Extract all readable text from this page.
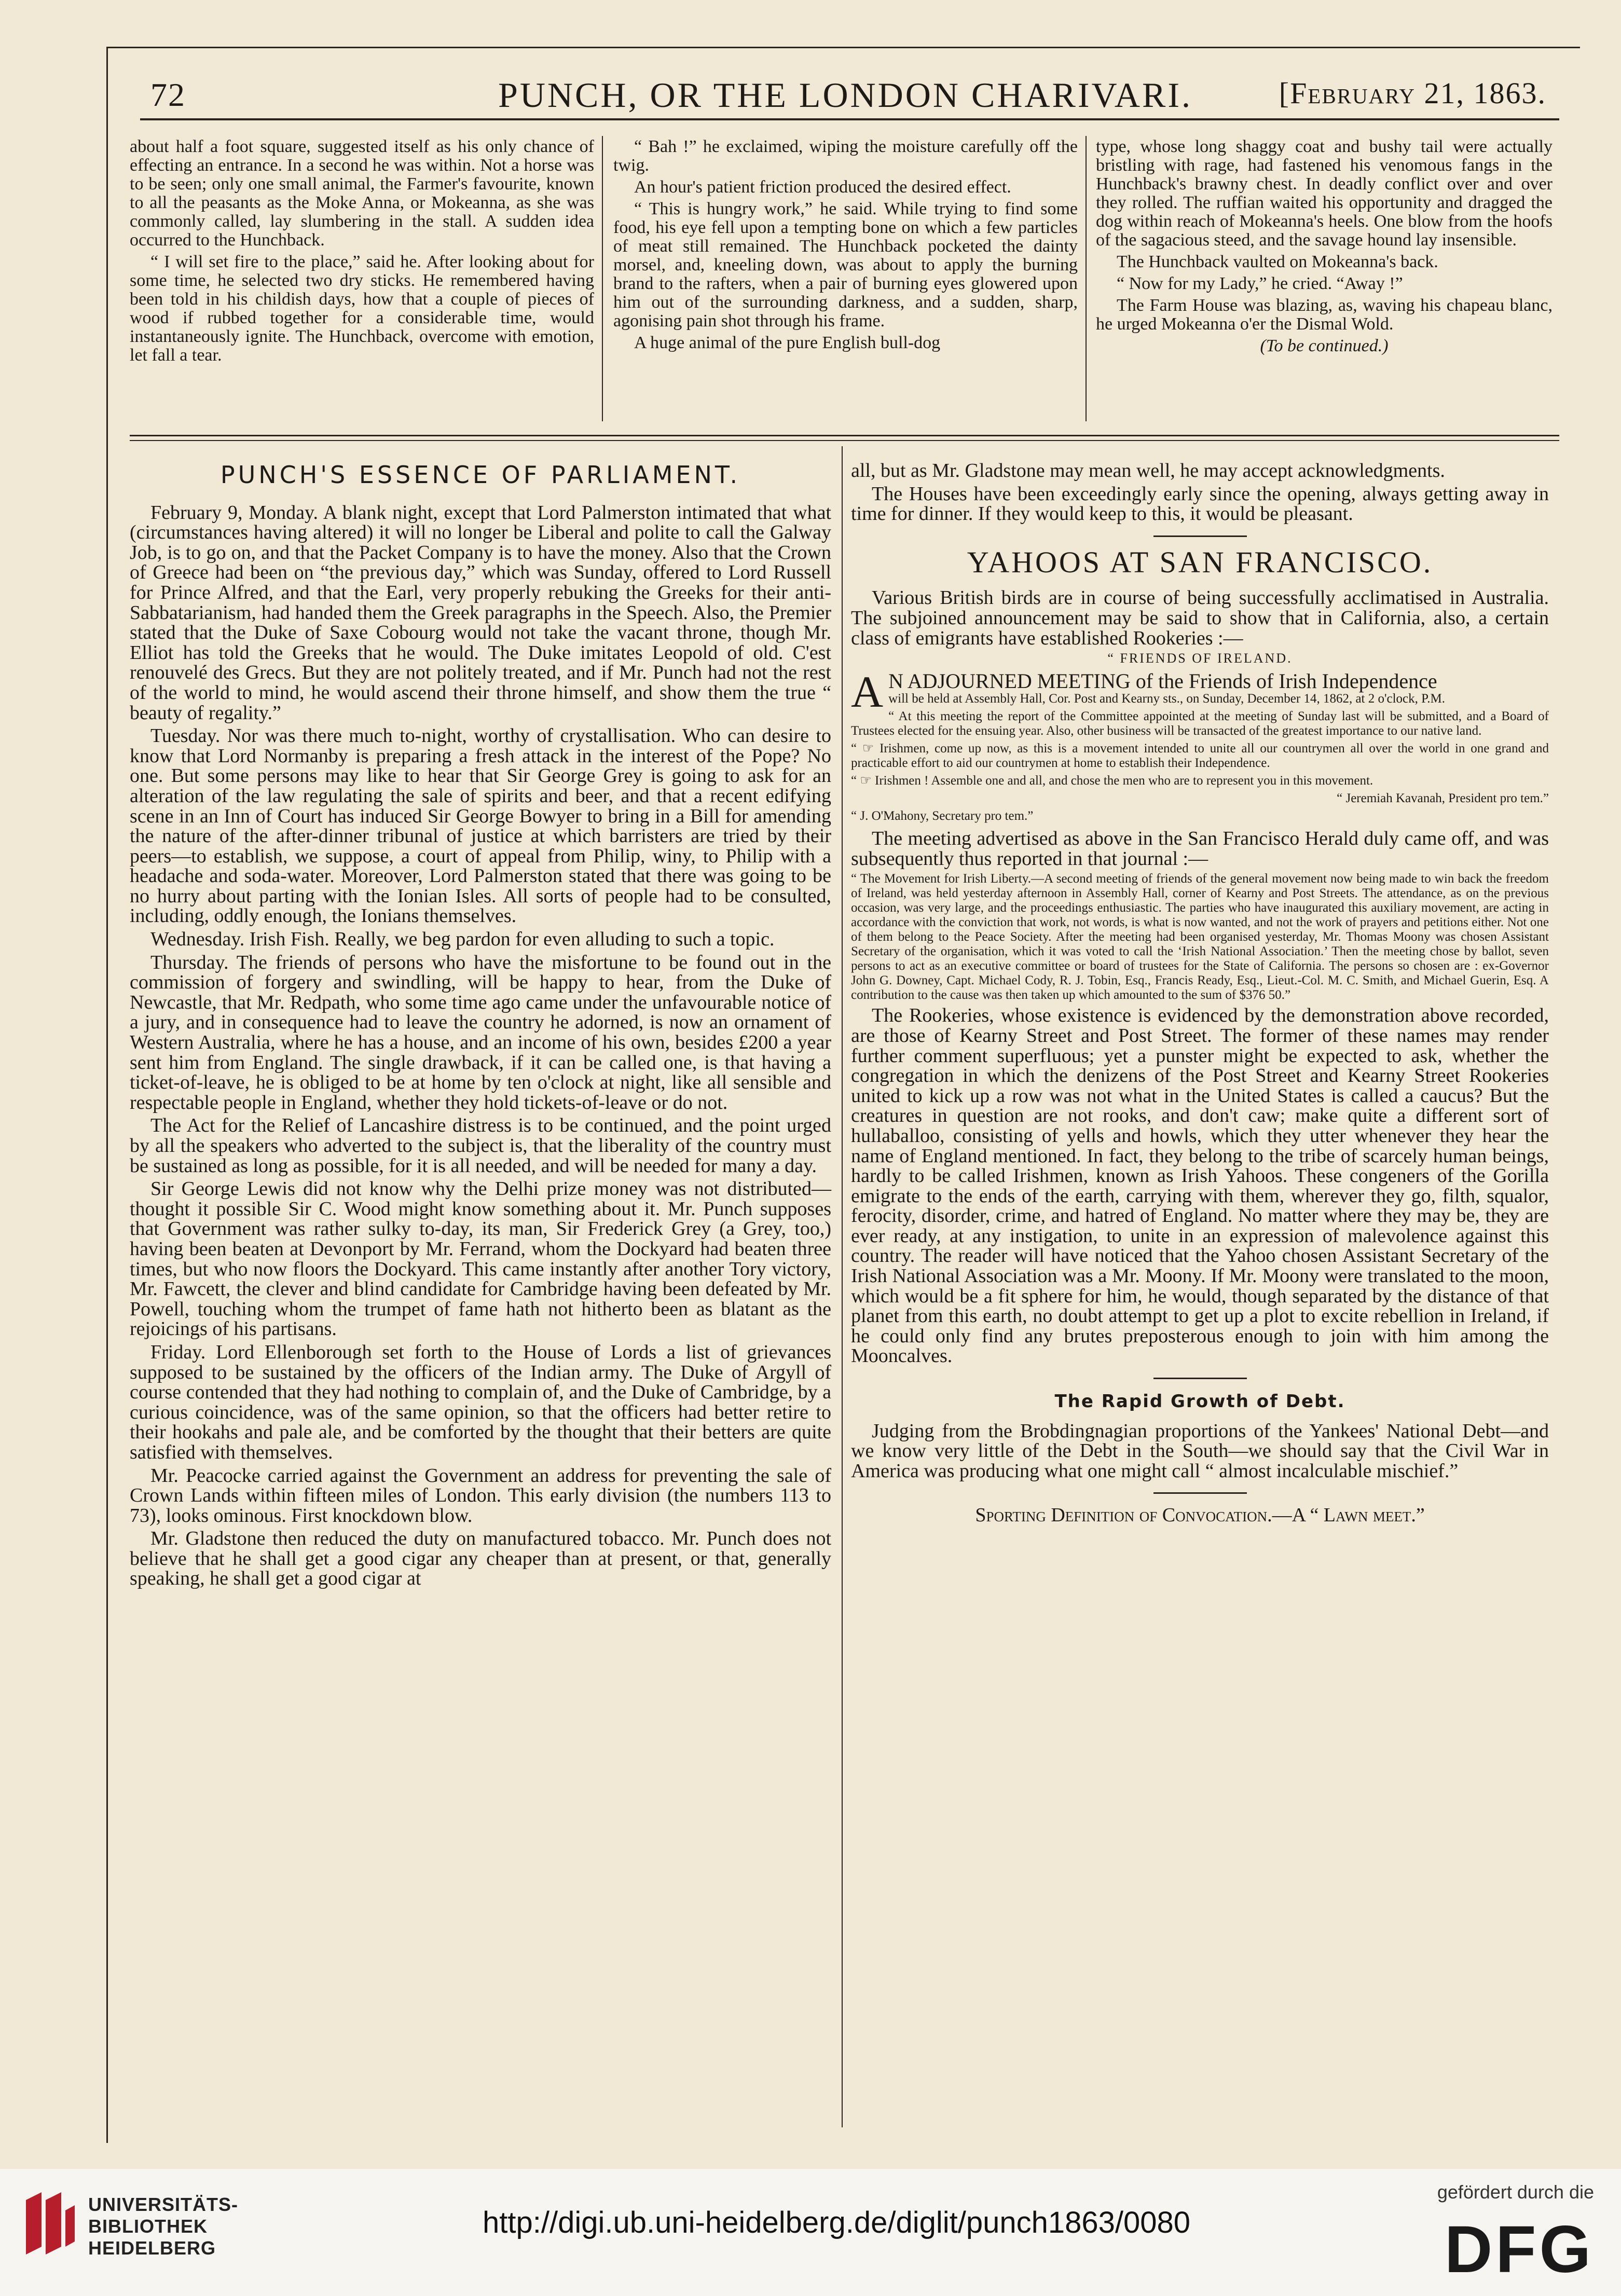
72	PUNCH, OR THE LONDON CHARIVARI.	[February 21, 1863.

about half a foot square, suggested itself as his only chance of effecting an entrance. In a second he was within. Not a horse was to be seen; only one small animal, the Farmer's favourite, known to all the peasants as the Moke Anna, or Mokeanna, as she was commonly called, lay slumbering in the stall. A sudden idea occurred to the Hunchback.

“ I will set fire to the place,” said he. After looking about for some time, he selected two dry sticks. He remembered having been told in his childish days, how that a couple of pieces of wood if rubbed together for a considerable time, would instantaneously ignite. The Hunchback, overcome with emotion, let fall a tear.

“ Bah !” he exclaimed, wiping the moisture carefully off the twig.

An hour's patient friction produced the desired effect.

“ This is hungry work,” he said. While trying to find some food, his eye fell upon a tempting bone on which a few particles of meat still remained. The Hunchback pocketed the dainty morsel, and, kneeling down, was about to apply the burning brand to the rafters, when a pair of burning eyes glowered upon him out of the surrounding darkness, and a sudden, sharp, agonising pain shot through his frame.

A huge animal of the pure English bull-dog

type, whose long shaggy coat and bushy tail were actually bristling with rage, had fastened his venomous fangs in the Hunchback's brawny chest. In deadly conflict over and over they rolled. The ruffian waited his opportunity and dragged the dog within reach of Mokeanna's heels. One blow from the hoofs of the sagacious steed, and the savage hound lay insensible.

The Hunchback vaulted on Mokeanna's back.

“ Now for my Lady,” he cried. “Away !”

The Farm House was blazing, as, waving his chapeau blanc, he urged Mokeanna o'er the Dismal Wold.

(To be continued.)

PUNCH'S ESSENCE OF PARLIAMENT.

February 9, Monday. A blank night, except that Lord Palmerston intimated that what (circumstances having altered) it will no longer be Liberal and polite to call the Galway Job, is to go on, and that the Packet Company is to have the money. Also that the Crown of Greece had been on “the previous day,” which was Sunday, offered to Lord Russell for Prince Alfred, and that the Earl, very properly rebuking the Greeks for their anti-Sabbatarianism, had handed them the Greek paragraphs in the Speech. Also, the Premier stated that the Duke of Saxe Cobourg would not take the vacant throne, though Mr. Elliot has told the Greeks that he would. The Duke imitates Leopold of old. C'est renouvelé des Grecs. But they are not politely treated, and if Mr. Punch had not the rest of the world to mind, he would ascend their throne himself, and show them the true “ beauty of regality.”

Tuesday. Nor was there much to-night, worthy of crystallisation. Who can desire to know that Lord Normanby is preparing a fresh attack in the interest of the Pope? No one. But some persons may like to hear that Sir George Grey is going to ask for an alteration of the law regulating the sale of spirits and beer, and that a recent edifying scene in an Inn of Court has induced Sir George Bowyer to bring in a Bill for amending the nature of the after-dinner tribunal of justice at which barristers are tried by their peers—to establish, we suppose, a court of appeal from Philip, winy, to Philip with a headache and soda-water. Moreover, Lord Palmerston stated that there was going to be no hurry about parting with the Ionian Isles. All sorts of people had to be consulted, including, oddly enough, the Ionians themselves.

Wednesday. Irish Fish. Really, we beg pardon for even alluding to such a topic.

Thursday. The friends of persons who have the misfortune to be found out in the commission of forgery and swindling, will be happy to hear, from the Duke of Newcastle, that Mr. Redpath, who some time ago came under the unfavourable notice of a jury, and in consequence had to leave the country he adorned, is now an ornament of Western Australia, where he has a house, and an income of his own, besides £200 a year sent him from England. The single drawback, if it can be called one, is that having a ticket-of-leave, he is obliged to be at home by ten o'clock at night, like all sensible and respectable people in England, whether they hold tickets-of-leave or do not.

The Act for the Relief of Lancashire distress is to be continued, and the point urged by all the speakers who adverted to the subject is, that the liberality of the country must be sustained as long as possible, for it is all needed, and will be needed for many a day.

Sir George Lewis did not know why the Delhi prize money was not distributed—thought it possible Sir C. Wood might know something about it. Mr. Punch supposes that Government was rather sulky to-day, its man, Sir Frederick Grey (a Grey, too,) having been beaten at Devonport by Mr. Ferrand, whom the Dockyard had beaten three times, but who now floors the Dockyard. This came instantly after another Tory victory, Mr. Fawcett, the clever and blind candidate for Cambridge having been defeated by Mr. Powell, touching whom the trumpet of fame hath not hitherto been as blatant as the rejoicings of his partisans.

Friday. Lord Ellenborough set forth to the House of Lords a list of grievances supposed to be sustained by the officers of the Indian army. The Duke of Argyll of course contended that they had nothing to complain of, and the Duke of Cambridge, by a curious coincidence, was of the same opinion, so that the officers had better retire to their hookahs and pale ale, and be comforted by the thought that their betters are quite satisfied with themselves.

Mr. Peacocke carried against the Government an address for preventing the sale of Crown Lands within fifteen miles of London. This early division (the numbers 113 to 73), looks ominous. First knockdown blow.

Mr. Gladstone then reduced the duty on manufactured tobacco. Mr. Punch does not believe that he shall get a good cigar any cheaper than at present, or that, generally speaking, he shall get a good cigar at

all, but as Mr. Gladstone may mean well, he may accept acknowledgments.

The Houses have been exceedingly early since the opening, always getting away in time for dinner. If they would keep to this, it would be pleasant.

YAHOOS AT SAN FRANCISCO.

Various British birds are in course of being successfully acclimatised in Australia. The subjoined announcement may be said to show that in California, also, a certain class of emigrants have established Rookeries :—

“ FRIENDS OF IRELAND.
A N ADJOURNED MEETING of the Friends of Irish Independence

will be held at Assembly Hall, Cor. Post and Kearny sts., on Sunday, December 14, 1862, at 2 o'clock, P.M.

“ At this meeting the report of the Committee appointed at the meeting of Sunday last will be submitted, and a Board of Trustees elected for the ensuing year. Also, other business will be transacted of the greatest importance to our native land.

“ ☞ Irishmen, come up now, as this is a movement intended to unite all our countrymen all over the world in one grand and practicable effort to aid our countrymen at home to establish their Independence.

“ ☞ Irishmen ! Assemble one and all, and chose the men who are to represent you in this movement.

“ Jeremiah Kavanah, President pro tem.”

“ J. O'Mahony, Secretary pro tem.”

The meeting advertised as above in the San Francisco Herald duly came off, and was subsequently thus reported in that journal :—

“ The Movement for Irish Liberty.—A second meeting of friends of the general movement now being made to win back the freedom of Ireland, was held yesterday afternoon in Assembly Hall, corner of Kearny and Post Streets. The attendance, as on the previous occasion, was very large, and the proceedings enthusiastic. The parties who have inaugurated this auxiliary movement, are acting in accordance with the conviction that work, not words, is what is now wanted, and not the work of prayers and petitions either. Not one of them belong to the Peace Society. After the meeting had been organised yesterday, Mr. Thomas Moony was chosen Assistant Secretary of the organisation, which it was voted to call the ‘Irish National Association.’ Then the meeting chose by ballot, seven persons to act as an executive committee or board of trustees for the State of California. The persons so chosen are : ex-Governor John G. Downey, Capt. Michael Cody, R. J. Tobin, Esq., Francis Ready, Esq., Lieut.-Col. M. C. Smith, and Michael Guerin, Esq. A contribution to the cause was then taken up which amounted to the sum of $376 50.”

The Rookeries, whose existence is evidenced by the demonstration above recorded, are those of Kearny Street and Post Street. The former of these names may render further comment superfluous; yet a punster might be expected to ask, whether the congregation in which the denizens of the Post Street and Kearny Street Rookeries united to kick up a row was not what in the United States is called a caucus? But the creatures in question are not rooks, and don't caw; make quite a different sort of hullaballoo, consisting of yells and howls, which they utter whenever they hear the name of England mentioned. In fact, they belong to the tribe of scarcely human beings, hardly to be called Irishmen, known as Irish Yahoos. These congeners of the Gorilla emigrate to the ends of the earth, carrying with them, wherever they go, filth, squalor, ferocity, disorder, crime, and hatred of England. No matter where they may be, they are ever ready, at any instigation, to unite in an expression of malevolence against this country. The reader will have noticed that the Yahoo chosen Assistant Secretary of the Irish National Association was a Mr. Moony. If Mr. Moony were translated to the moon, which would be a fit sphere for him, he would, though separated by the distance of that planet from this earth, no doubt attempt to get up a plot to excite rebellion in Ireland, if he could only find any brutes preposterous enough to join with him among the Mooncalves.

The Rapid Growth of Debt.

Judging from the Brobdingnagian proportions of the Yankees' National Debt—and we know very little of the Debt in the South—we should say that the Civil War in America was producing what one might call “ almost incalculable mischief.”

Sporting Definition of Convocation.—A “ Lawn meet.”

UNIVERSITÄTS-
BIBLIOTHEK
HEIDELBERG
http://digi.ub.uni-heidelberg.de/diglit/punch1863/0080
gefördert durch die
DFG
